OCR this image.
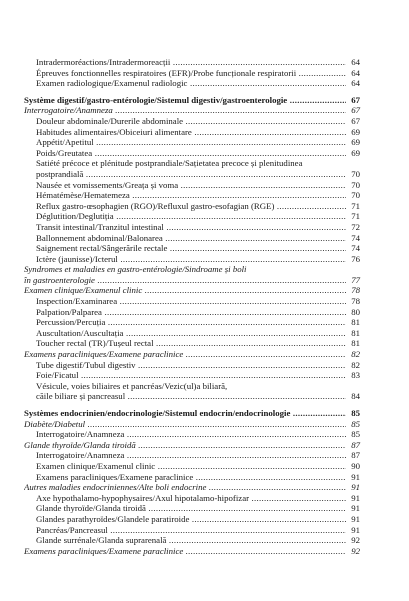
Intradermoréactions/Intradermoreacții .....	64
Épreuves fonctionnelles respiratoires (EFR)/Probe funcționale respiratorii .....	64
Examen radiologique/Examenul radiologic .....	64
Système digestif/gastro-entérologie/Sistemul digestiv/gastroenterologie .....	67
Interrogatoire/Anamneza .....	67
Douleur abdominale/Durerile abdominale .....	67
Habitudes alimentaires/Obiceiuri alimentare .....	69
Appétit/Apetitul .....	69
Poids/Greutatea .....	69
Satiété précoce et plénitude postprandiale/Sațietatea precoce și plenitudinea
postprandială .....	70
Nausée et vomissements/Greața și voma .....	70
Hématémèse/Hematemeza .....	70
Reflux gastro-œsophagien (RGO)/Refluxul gastro-esofagian (RGE) .....	71
Déglutition/Deglutiția .....	71
Transit intestinal/Tranzitul intestinal .....	72
Ballonnement abdominal/Balonarea .....	74
Saignement rectal/Sângerările rectale .....	74
Ictère (jaunisse)/Icterul .....	76
Syndromes et maladies en gastro-entérologie/Sindroame și boli
în gastroenterologie .....	77
Examen clinique/Examenul clinic .....	78
Inspection/Examinarea .....	78
Palpation/Palparea .....	80
Percussion/Percuția .....	81
Auscultation/Auscultația .....	81
Toucher rectal (TR)/Tușeul rectal .....	81
Examens paracliniques/Examene paraclinice .....	82
Tube digestif/Tubul digestiv .....	82
Foie/Ficatul .....	83
Vésicule, voies biliaires et pancréas/Vezic(ul)a biliară,
căile biliare și pancreasul .....	84
Systèmes endocrinien/endocrinologie/Sistemul endocrin/endocrinologie .....	85
Diabète/Diabetul .....	85
Interrogatoire/Anamneza .....	85
Glande thyroïde/Glanda tiroidă .....	87
Interrogatoire/Anamneza .....	87
Examen clinique/Examenul clinic .....	90
Examens paracliniques/Examene paraclinice .....	91
Autres maladies endocriniennes/Alte boli endocrine .....	91
Axe hypothalamo-hypophysaires/Axul hipotalamo-hipofizar .....	91
Glande thyroïde/Glanda tiroidă .....	91
Glandes parathyroïdes/Glandele paratiroide .....	91
Pancréas/Pancreasul .....	91
Glande surrénale/Glanda suprarenală .....	92
Examens paracliniques/Examene paraclinice .....	92
